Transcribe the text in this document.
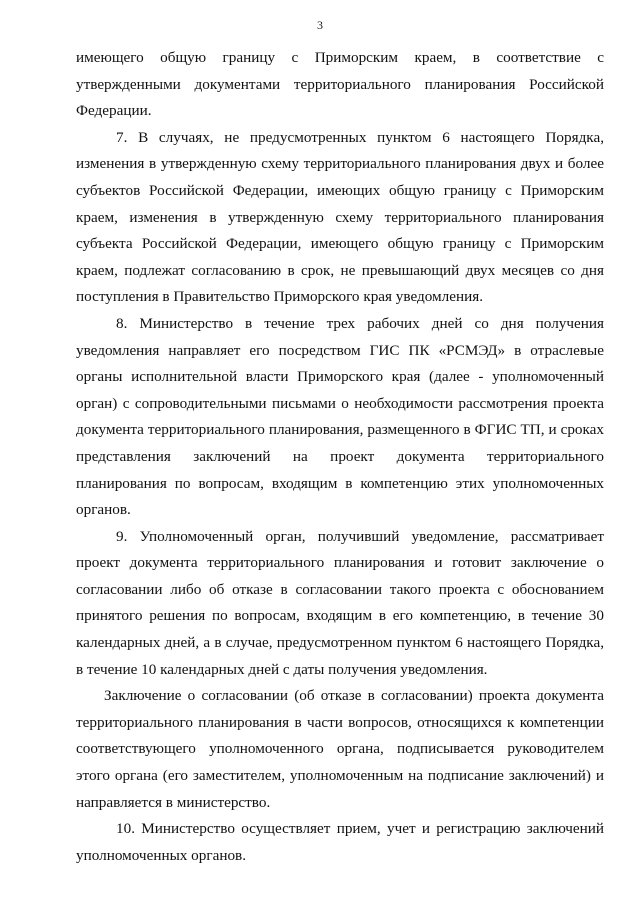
3

имеющего общую границу с Приморским краем, в соответствие с утвержденными документами территориального планирования Российской Федерации.

7. В случаях, не предусмотренных пунктом 6 настоящего Порядка, изменения в утвержденную схему территориального планирования двух и более субъектов Российской Федерации, имеющих общую границу с Приморским краем, изменения в утвержденную схему территориального планирования субъекта Российской Федерации, имеющего общую границу с Приморским краем, подлежат согласованию в срок, не превышающий двух месяцев со дня поступления в Правительство Приморского края уведомления.

8. Министерство в течение трех рабочих дней со дня получения уведомления направляет его посредством ГИС ПК «РСМЭД» в отраслевые органы исполнительной власти Приморского края (далее - уполномоченный орган) с сопроводительными письмами о необходимости рассмотрения проекта документа территориального планирования, размещенного в ФГИС ТП, и сроках представления заключений на проект документа территориального планирования по вопросам, входящим в компетенцию этих уполномоченных органов.

9. Уполномоченный орган, получивший уведомление, рассматривает проект документа территориального планирования и готовит заключение о согласовании либо об отказе в согласовании такого проекта с обоснованием принятого решения по вопросам, входящим в его компетенцию, в течение 30 календарных дней, а в случае, предусмотренном пунктом 6 настоящего Порядка, в течение 10 календарных дней с даты получения уведомления.

Заключение о согласовании (об отказе в согласовании) проекта документа территориального планирования в части вопросов, относящихся к компетенции соответствующего уполномоченного органа, подписывается руководителем этого органа (его заместителем, уполномоченным на подписание заключений) и направляется в министерство.

10. Министерство осуществляет прием, учет и регистрацию заключений уполномоченных органов.
